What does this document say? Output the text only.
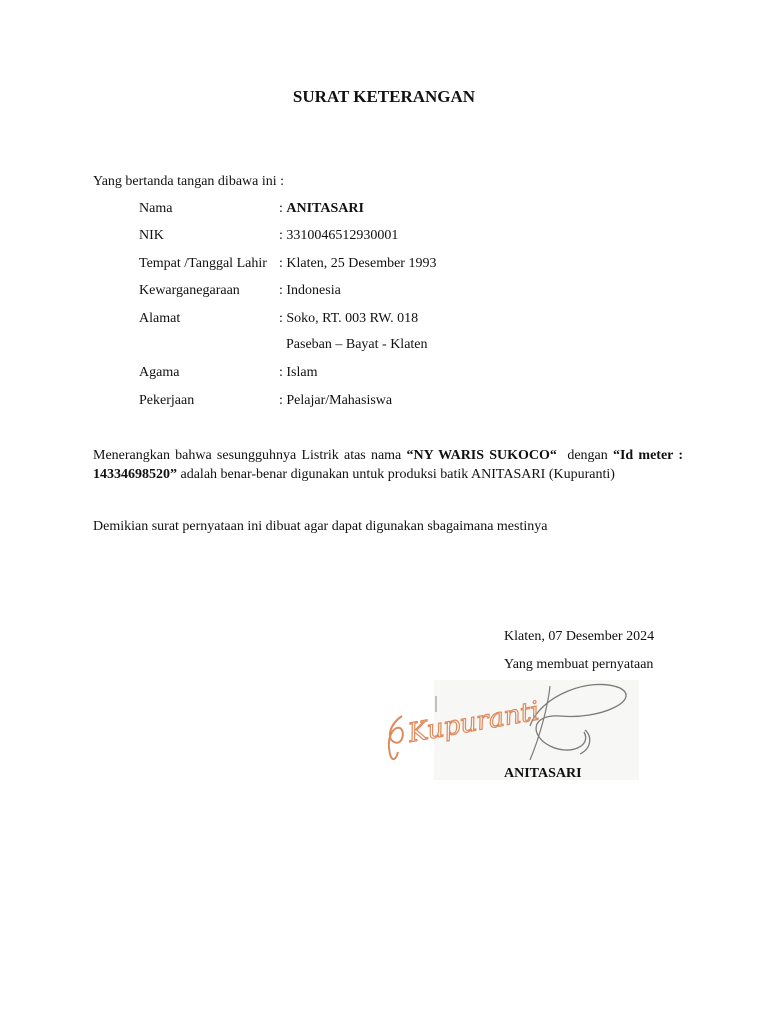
SURAT KETERANGAN
Yang bertanda tangan dibawa ini :
Nama	: ANITASARI
NIK	: 3310046512930001
Tempat /Tanggal Lahir : Klaten, 25 Desember 1993
Kewarganegaraan	: Indonesia
Alamat	: Soko, RT. 003 RW. 018
Paseban – Bayat - Klaten
Agama	: Islam
Pekerjaan	: Pelajar/Mahasiswa
Menerangkan bahwa sesungguhnya Listrik atas nama “NY WARIS SUKOCO“  dengan “Id meter : 14334698520” adalah benar-benar digunakan untuk produksi batik ANITASARI (Kupuranti)
Demikian surat pernyataan ini dibuat agar dapat digunakan sbagaimana mestinya
Klaten, 07 Desember 2024
Yang membuat pernyataan
Kupuranti
ANITASARI
